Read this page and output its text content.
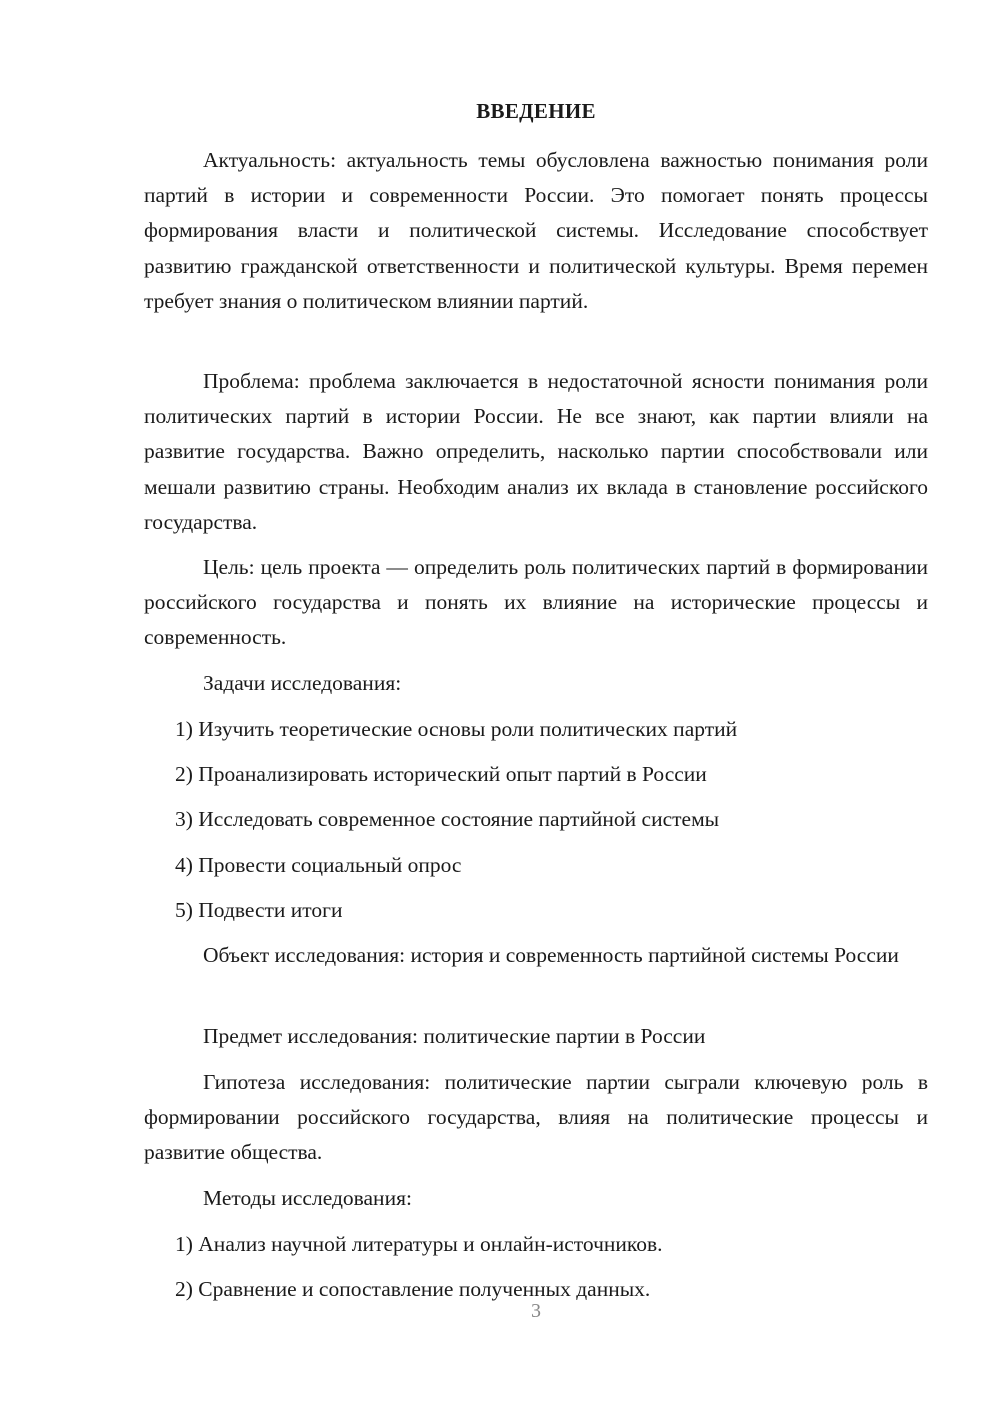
ВВЕДЕНИЕ

Актуальность: актуальность темы обусловлена важностью понимания роли партий в истории и современности России. Это помогает понять процессы формирования власти и политической системы. Исследование способствует развитию гражданской ответственности и политической культуры. Время перемен требует знания о политическом влиянии партий.

Проблема: проблема заключается в недостаточной ясности понимания роли политических партий в истории России. Не все знают, как партии влияли на развитие государства. Важно определить, насколько партии способствовали или мешали развитию страны. Необходим анализ их вклада в становление российского государства.

Цель: цель проекта — определить роль политических партий в формировании российского государства и понять их влияние на исторические процессы и современность.

Задачи исследования:
1) Изучить теоретические основы роли политических партий
2) Проанализировать исторический опыт партий в России
3) Исследовать современное состояние партийной системы
4) Провести социальный опрос
5) Подвести итоги

Объект исследования: история и современность партийной системы России

Предмет исследования: политические партии в России

Гипотеза исследования: политические партии сыграли ключевую роль в формировании российского государства, влияя на политические процессы и развитие общества.

Методы исследования:
1) Анализ научной литературы и онлайн-источников.
2) Сравнение и сопоставление полученных данных.
3
